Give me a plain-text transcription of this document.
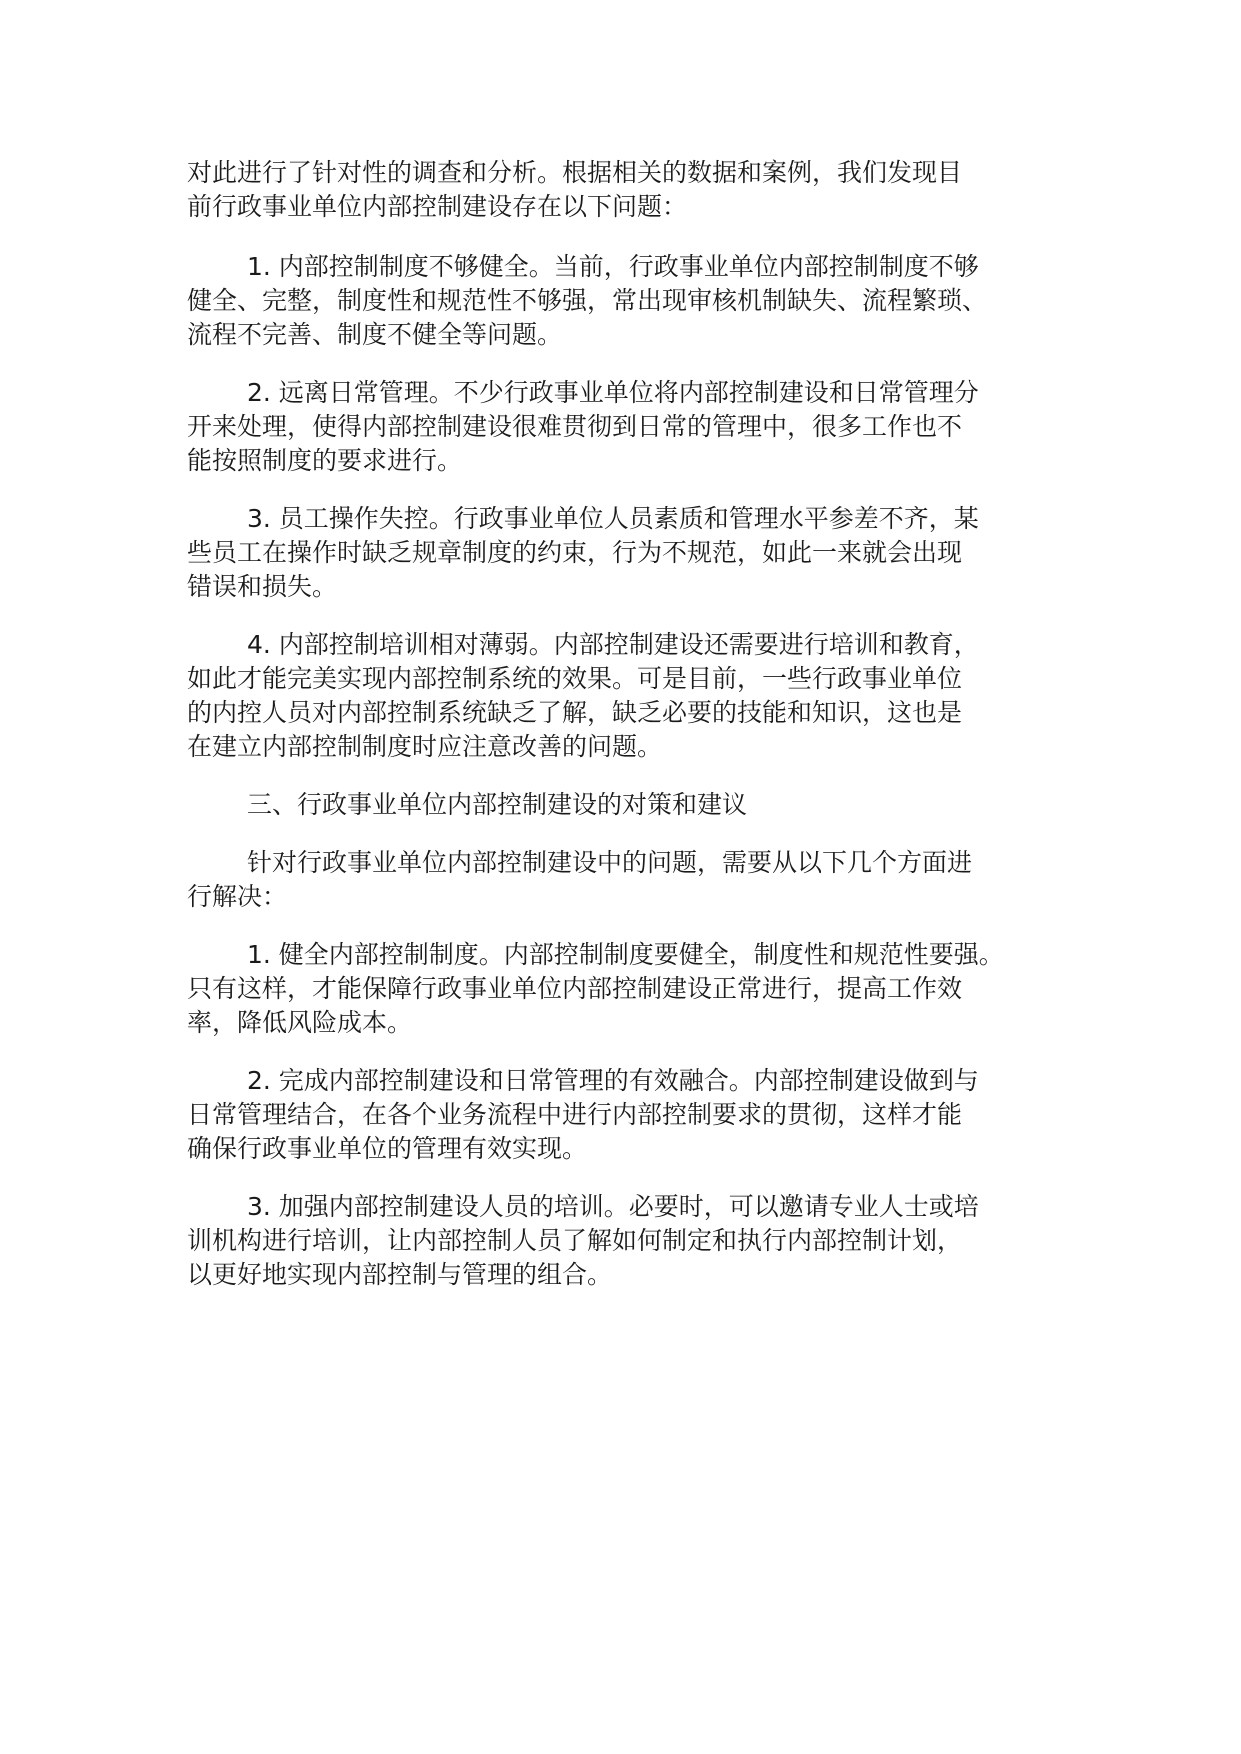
对此进行了针对性的调查和分析。根据相关的数据和案例，我们发现目
前行政事业单位内部控制建设存在以下问题：
1. 内部控制制度不够健全。当前，行政事业单位内部控制制度不够
健全、完整，制度性和规范性不够强，常出现审核机制缺失、流程繁琐、
流程不完善、制度不健全等问题。
2. 远离日常管理。不少行政事业单位将内部控制建设和日常管理分
开来处理，使得内部控制建设很难贯彻到日常的管理中，很多工作也不
能按照制度的要求进行。
3. 员工操作失控。行政事业单位人员素质和管理水平参差不齐，某
些员工在操作时缺乏规章制度的约束，行为不规范，如此一来就会出现
错误和损失。
4. 内部控制培训相对薄弱。内部控制建设还需要进行培训和教育，
如此才能完美实现内部控制系统的效果。可是目前，一些行政事业单位
的内控人员对内部控制系统缺乏了解，缺乏必要的技能和知识，这也是
在建立内部控制制度时应注意改善的问题。
三、行政事业单位内部控制建设的对策和建议
针对行政事业单位内部控制建设中的问题，需要从以下几个方面进
行解决：
1. 健全内部控制制度。内部控制制度要健全，制度性和规范性要强。
只有这样，才能保障行政事业单位内部控制建设正常进行，提高工作效
率，降低风险成本。
2. 完成内部控制建设和日常管理的有效融合。内部控制建设做到与
日常管理结合，在各个业务流程中进行内部控制要求的贯彻，这样才能
确保行政事业单位的管理有效实现。
3. 加强内部控制建设人员的培训。必要时，可以邀请专业人士或培
训机构进行培训，让内部控制人员了解如何制定和执行内部控制计划，
以更好地实现内部控制与管理的组合。
